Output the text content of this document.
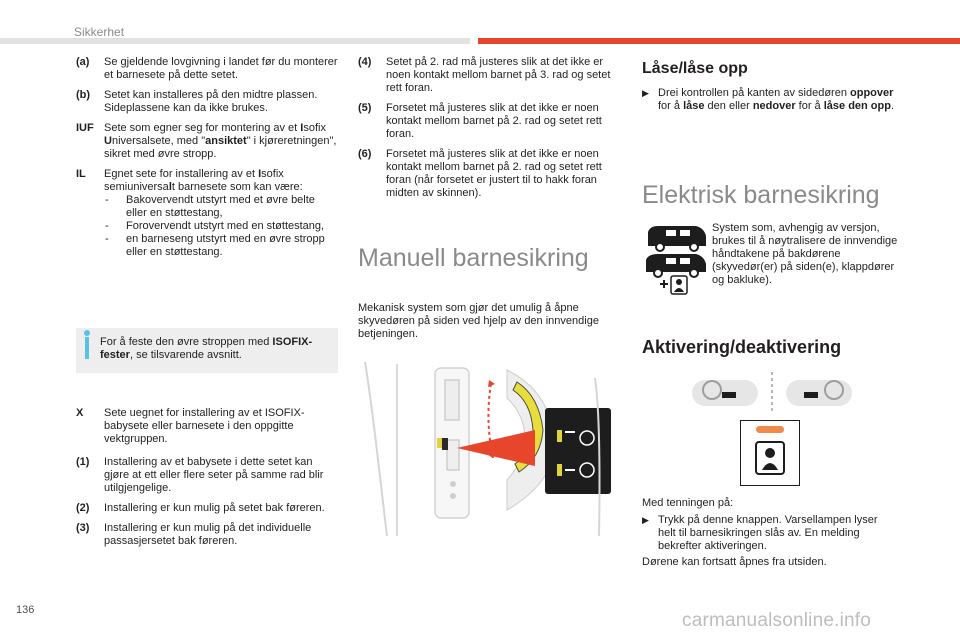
Sikkerhet
(a)	Se gjeldende lovgivning i landet før du monterer et barnesete på dette setet.
(b)	Setet kan installeres på den midtre plassen. Sideplassene kan da ikke brukes.
IUF Sete som egner seg for montering av et Isofix Universalsete, med "ansiktet" i kjøreretningen", sikret med øvre stropp.
IL	Egnet sete for installering av et Isofix semiuniversalt barnesete som kan være:
-	Bakovervendt utstyrt med et øvre belte eller en støttestang,
-	Forovervendt utstyrt med en støttestang,
-	en barneseng utstyrt med en øvre stropp eller en støttestang.
For å feste den øvre stroppen med ISOFIX-fester, se tilsvarende avsnitt.
X	Sete uegnet for installering av et ISOFIX-babysete eller barnesete i den oppgitte vektgruppen.
(1)	Installering av et babysete i dette setet kan gjøre at ett eller flere seter på samme rad blir utilgjengelige.
(2)	Installering er kun mulig på setet bak føreren.
(3)	Installering er kun mulig på det individuelle passasjersetet bak føreren.
(4)	Setet på 2. rad må justeres slik at det ikke er noen kontakt mellom barnet på 3. rad og setet rett foran.
(5)	Forsetet må justeres slik at det ikke er noen kontakt mellom barnet på 2. rad og setet rett foran.
(6)	Forsetet må justeres slik at det ikke er noen kontakt mellom barnet på 2. rad og setet rett foran (når forsetet er justert til to hakk foran midten av skinnen).
Manuell barnesikring
Mekanisk system som gjør det umulig å åpne skyvedøren på siden ved hjelp av den innvendige betjeningen.
Låse/låse opp
▶ Drei kontrollen på kanten av sidedøren oppover for å låse den eller nedover for å låse den opp.
Elektrisk barnesikring
System som, avhengig av versjon, brukes til å nøytralisere de innvendige håndtakene på bakdørene (skyvedør(er) på siden(e), klappdører og bakluke).
Aktivering/deaktivering
Med tenningen på:
▶ Trykk på denne knappen. Varsellampen lyser helt til barnesikringen slås av. En melding bekrefter aktiveringen.
Dørene kan fortsatt åpnes fra utsiden.
136	carmanualsonline.info
